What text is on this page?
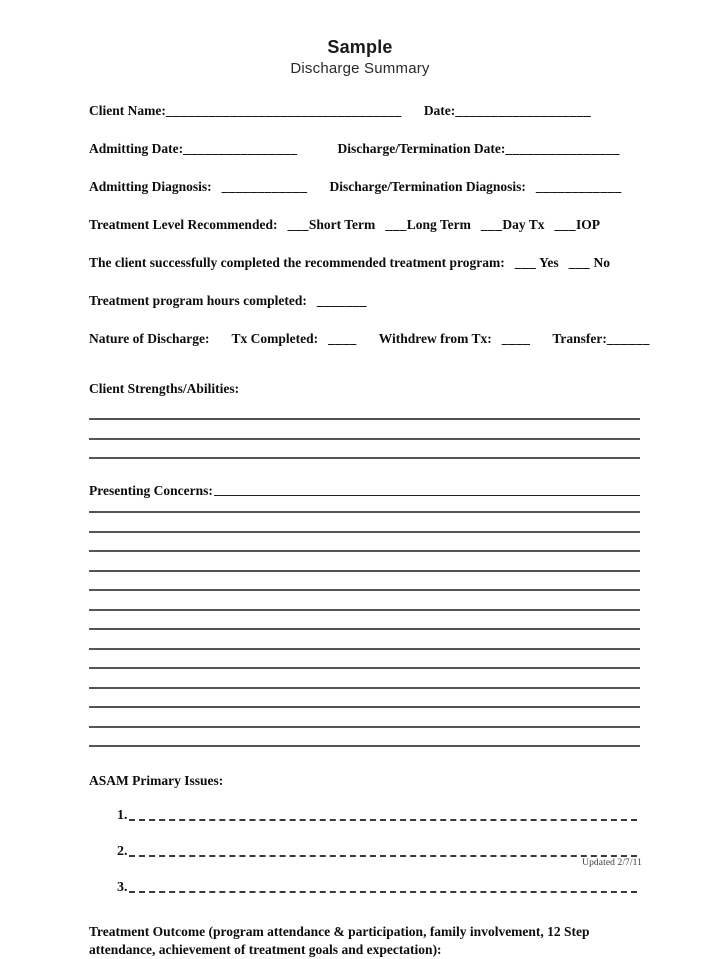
Sample
Discharge Summary
Client Name:_________________________________ Date:___________________
Admitting Date:________________	Discharge/Termination Date:________________
Admitting Diagnosis: ____________ Discharge/Termination Diagnosis: ____________
Treatment Level Recommended: ___Short Term ___Long Term ___Day Tx ___IOP
The client successfully completed the recommended treatment program: ___ Yes ___ No
Treatment program hours completed: _______
Nature of Discharge: Tx Completed: ____ Withdrew from Tx: ____ Transfer:______
Client Strengths/Abilities:
Presenting Concerns:
ASAM Primary Issues:
1.
2.
3.
Treatment Outcome (program attendance & participation, family involvement, 12 Step attendance, achievement of treatment goals and expectation):
Updated 2/7/11
